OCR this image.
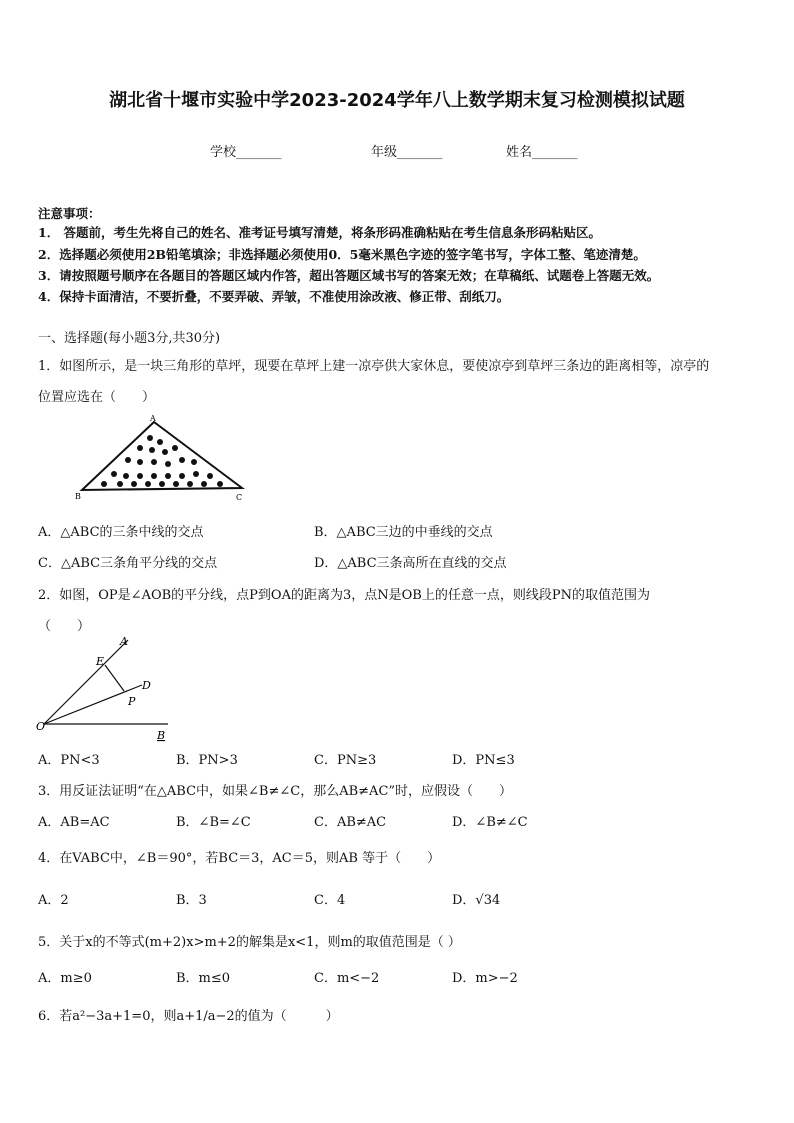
湖北省十堰市实验中学2023-2024学年八上数学期末复习检测模拟试题
学校_______	年级_______	姓名_______
注意事项：
1． 答题前，考生先将自己的姓名、准考证号填写清楚，将条形码准确粘贴在考生信息条形码粘贴区。
2．选择题必须使用2B铅笔填涂；非选择题必须使用0．5毫米黑色字迹的签字笔书写，字体工整、笔迹清楚。
3．请按照题号顺序在各题目的答题区域内作答，超出答题区域书写的答案无效；在草稿纸、试题卷上答题无效。
4．保持卡面清洁，不要折叠，不要弄破、弄皱，不准使用涂改液、修正带、刮纸刀。
一、选择题(每小题3分,共30分)
1．如图所示，是一块三角形的草坪，现要在草坪上建一凉亭供大家休息，要使凉亭到草坪三条边的距离相等，凉亭的
位置应选在（　　）
A
B	C
A．△ABC的三条中线的交点	B．△ABC三边的中垂线的交点
C．△ABC三条角平分线的交点	D．△ABC三条高所在直线的交点
2．如图，OP是∠AOB的平分线，点P到OA的距离为3，点N是OB上的任意一点，则线段PN的取值范围为
（　　）
A
E
D
P
O
B
A．PN<3	B．PN>3	C．PN≥3	D．PN≤3
3．用反证法证明“在△ABC中，如果∠B≠∠C，那么AB≠AC”时，应假设（　　）
A．AB=AC	B．∠B=∠C	C．AB≠AC	D．∠B≠∠C
4．在VABC中，∠B＝90°，若BC＝3，AC＝5，则AB 等于（　　）
A．2	B．3	C．4	D．√34
5．关于x的不等式(m+2)x>m+2的解集是x<1，则m的取值范围是（ ）
A．m≥0	B．m≤0	C．m<−2	D．m>−2
6．若a²−3a+1=0，则a+1/a−2的值为（　　　）
